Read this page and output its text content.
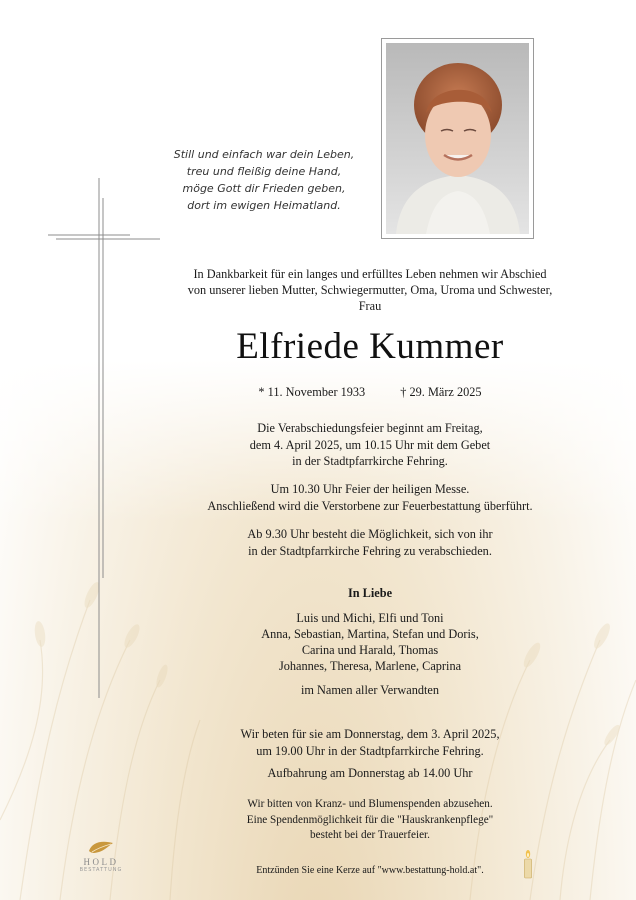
Still und einfach war dein Leben,
treu und fleißig deine Hand,
möge Gott dir Frieden geben,
dort im ewigen Heimatland.
In Dankbarkeit für ein langes und erfülltes Leben nehmen wir Abschied
von unserer lieben Mutter, Schwiegermutter, Oma, Uroma und Schwester,
Frau
Elfriede Kummer
* 11. November 1933	† 29. März 2025
Die Verabschiedungsfeier beginnt am Freitag,
dem 4. April 2025, um 10.15 Uhr mit dem Gebet
in der Stadtpfarrkirche Fehring.
Um 10.30 Uhr Feier der heiligen Messe.
Anschließend wird die Verstorbene zur Feuerbestattung überführt.
Ab 9.30 Uhr besteht die Möglichkeit, sich von ihr
in der Stadtpfarrkirche Fehring zu verabschieden.
In Liebe
Luis und Michi, Elfi und Toni
Anna, Sebastian, Martina, Stefan und Doris,
Carina und Harald, Thomas
Johannes, Theresa, Marlene, Caprina
im Namen aller Verwandten
Wir beten für sie am Donnerstag, dem 3. April 2025,
um 19.00 Uhr in der Stadtpfarrkirche Fehring.
Aufbahrung am Donnerstag ab 14.00 Uhr
Wir bitten von Kranz- und Blumenspenden abzusehen.
Eine Spendenmöglichkeit für die "Hauskrankenpflege"
besteht bei der Trauerfeier.
Entzünden Sie eine Kerze auf "www.bestattung-hold.at".
HOLD
BESTATTUNG
